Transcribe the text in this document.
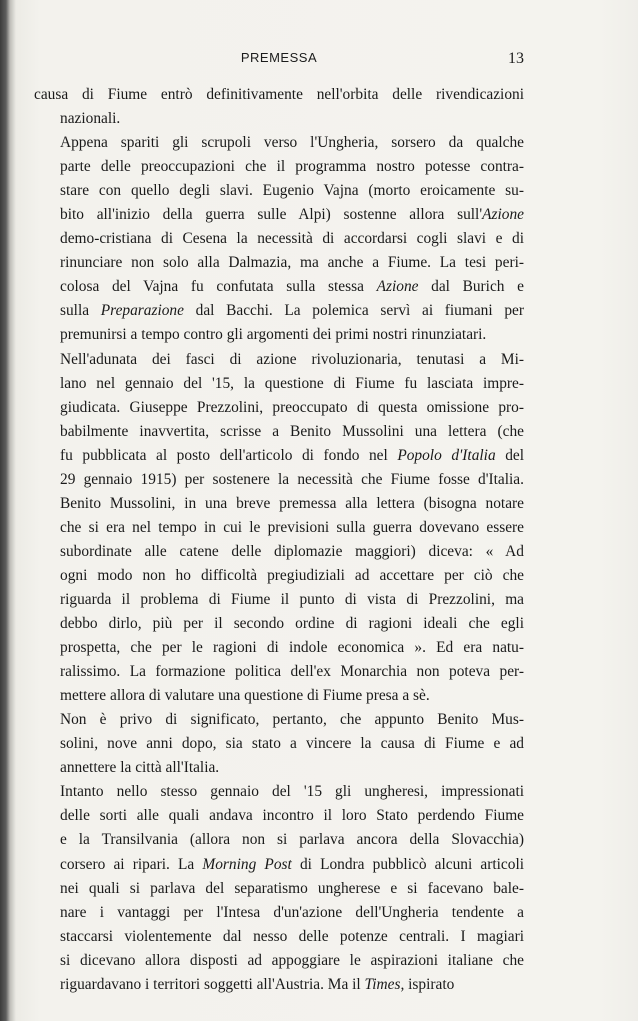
PREMESSA	13
causa di Fiume entrò definitivamente nell'orbita delle rivendicazioni
nazionali.
Appena spariti gli scrupoli verso l'Ungheria, sorsero da qualche
parte delle preoccupazioni che il programma nostro potesse contra-
stare con quello degli slavi. Eugenio Vajna (morto eroicamente su-
bito all'inizio della guerra sulle Alpi) sostenne allora sull'Azione
demo-cristiana di Cesena la necessità di accordarsi cogli slavi e di
rinunciare non solo alla Dalmazia, ma anche a Fiume. La tesi peri-
colosa del Vajna fu confutata sulla stessa Azione dal Burich e
sulla Preparazione dal Bacchi. La polemica servì ai fiumani per
premunirsi a tempo contro gli argomenti dei primi nostri rinunziatari.
Nell'adunata dei fasci di azione rivoluzionaria, tenutasi a Mi-
lano nel gennaio del '15, la questione di Fiume fu lasciata impre-
giudicata. Giuseppe Prezzolini, preoccupato di questa omissione pro-
babilmente inavvertita, scrisse a Benito Mussolini una lettera (che
fu pubblicata al posto dell'articolo di fondo nel Popolo d'Italia del
29 gennaio 1915) per sostenere la necessità che Fiume fosse d'Italia.
Benito Mussolini, in una breve premessa alla lettera (bisogna notare
che si era nel tempo in cui le previsioni sulla guerra dovevano essere
subordinate alle catene delle diplomazie maggiori) diceva: « Ad
ogni modo non ho difficoltà pregiudiziali ad accettare per ciò che
riguarda il problema di Fiume il punto di vista di Prezzolini, ma
debbo dirlo, più per il secondo ordine di ragioni ideali che egli
prospetta, che per le ragioni di indole economica ». Ed era natu-
ralissimo. La formazione politica dell'ex Monarchia non poteva per-
mettere allora di valutare una questione di Fiume presa a sè.
Non è privo di significato, pertanto, che appunto Benito Mus-
solini, nove anni dopo, sia stato a vincere la causa di Fiume e ad
annettere la città all'Italia.
Intanto nello stesso gennaio del '15 gli ungheresi, impressionati
delle sorti alle quali andava incontro il loro Stato perdendo Fiume
e la Transilvania (allora non si parlava ancora della Slovacchia)
corsero ai ripari. La Morning Post di Londra pubblicò alcuni articoli
nei quali si parlava del separatismo ungherese e si facevano bale-
nare i vantaggi per l'Intesa d'un'azione dell'Ungheria tendente a
staccarsi violentemente dal nesso delle potenze centrali. I magiari
si dicevano allora disposti ad appoggiare le aspirazioni italiane che
riguardavano i territori soggetti all'Austria. Ma il Times, ispirato
